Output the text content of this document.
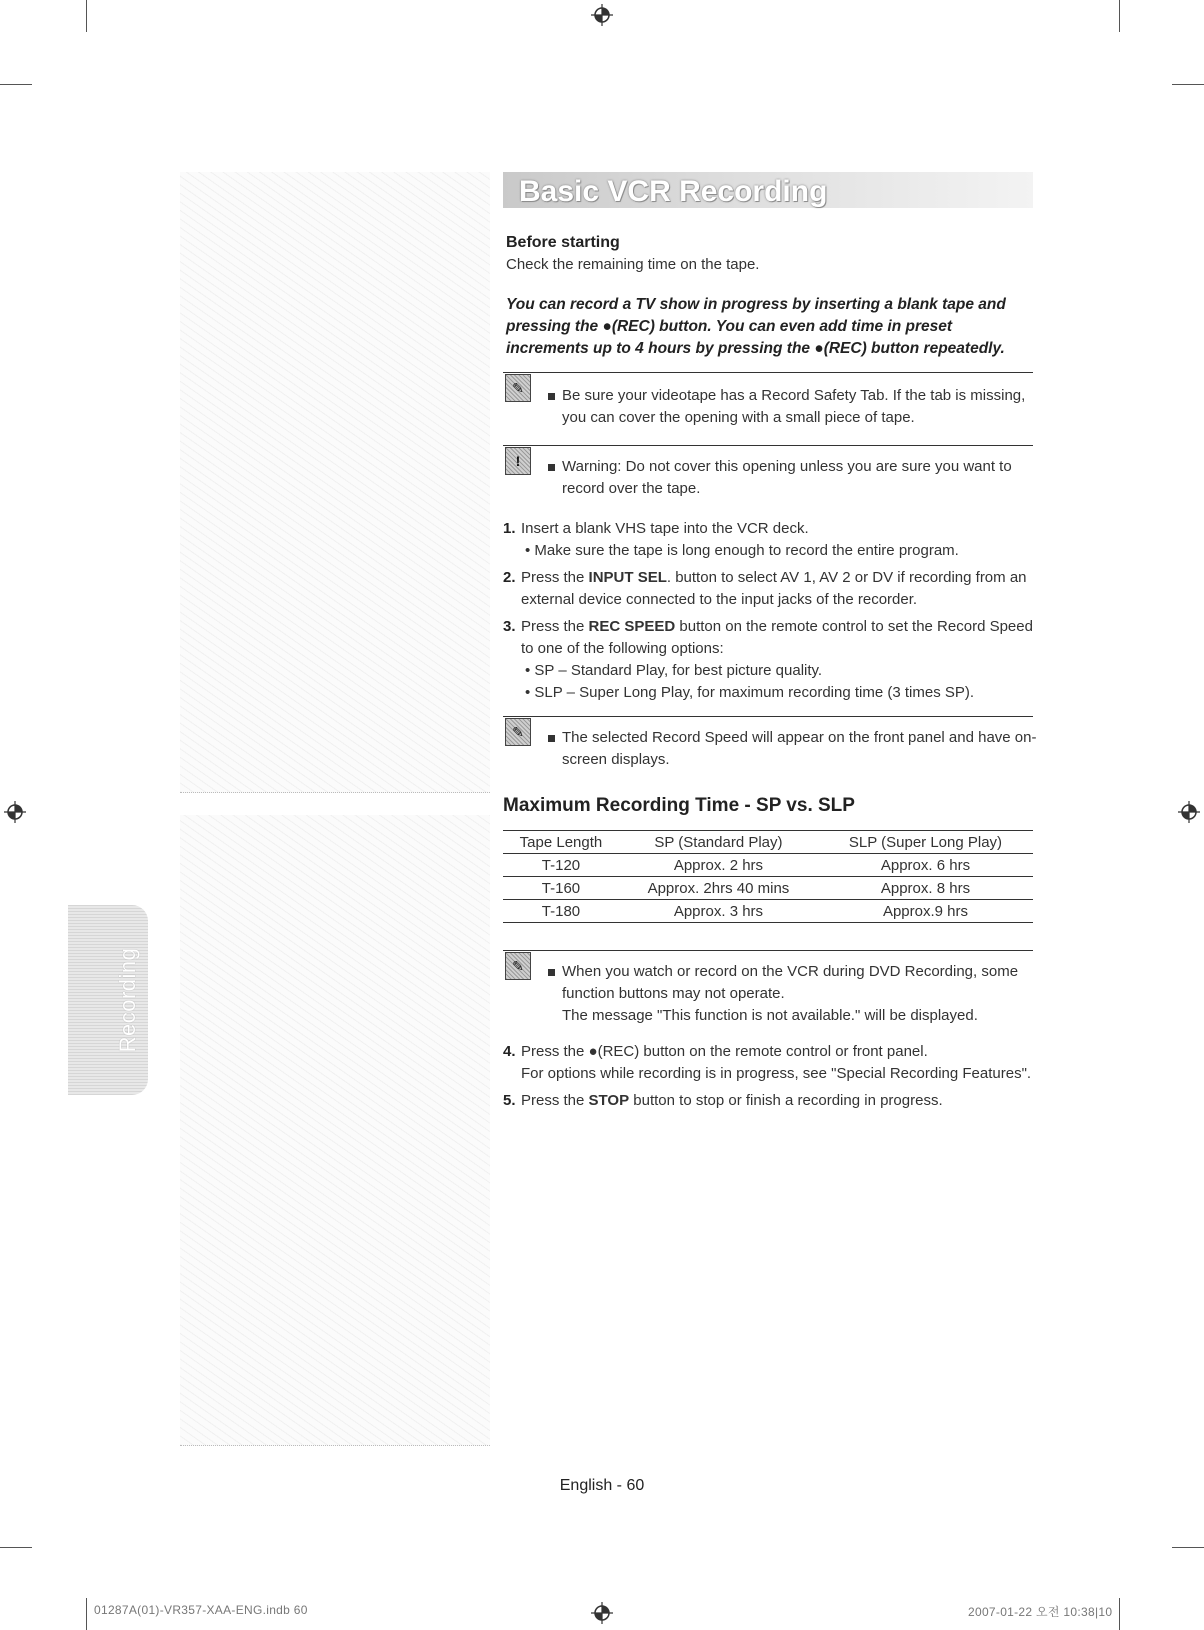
Recording
Basic VCR Recording
Before starting
Check the remaining time on the tape.
You can record a TV show in progress by inserting a blank tape and pressing the ●(REC) button. You can even add time in preset increments up to 4 hours by pressing the ●(REC) button repeatedly.
✎	Be sure your videotape has a Record Safety Tab. If the tab is missing, you can cover the opening with a small piece of tape.
!	Warning: Do not cover this opening unless you are sure you want to record over the tape.
1. Insert a blank VHS tape into the VCR deck.
• Make sure the tape is long enough to record the entire program.
2. Press the INPUT SEL. button to select AV 1, AV 2 or DV if recording from an external device connected to the input jacks of the recorder.
3. Press the REC SPEED button on the remote control to set the Record Speed to one of the following options:
• SP – Standard Play, for best picture quality.
• SLP – Super Long Play, for maximum recording time (3 times SP).
✎	The selected Record Speed will appear on the front panel and have on-screen displays.
Maximum Recording Time - SP vs. SLP
Tape Length	SP (Standard Play)	SLP (Super Long Play)
T-120	Approx. 2 hrs	Approx. 6 hrs
T-160	Approx. 2hrs 40 mins	Approx. 8 hrs
T-180	Approx. 3 hrs	Approx.9 hrs
✎	When you watch or record on the VCR during DVD Recording, some function buttons may not operate.
The message "This function is not available." will be displayed.
4. Press the ●(REC) button on the remote control or front panel.
For options while recording is in progress, see "Special Recording Features".
5. Press the STOP button to stop or finish a recording in progress.
English - 60
01287A(01)-VR357-XAA-ENG.indb 60	2007-01-22 오전 10:38|10
